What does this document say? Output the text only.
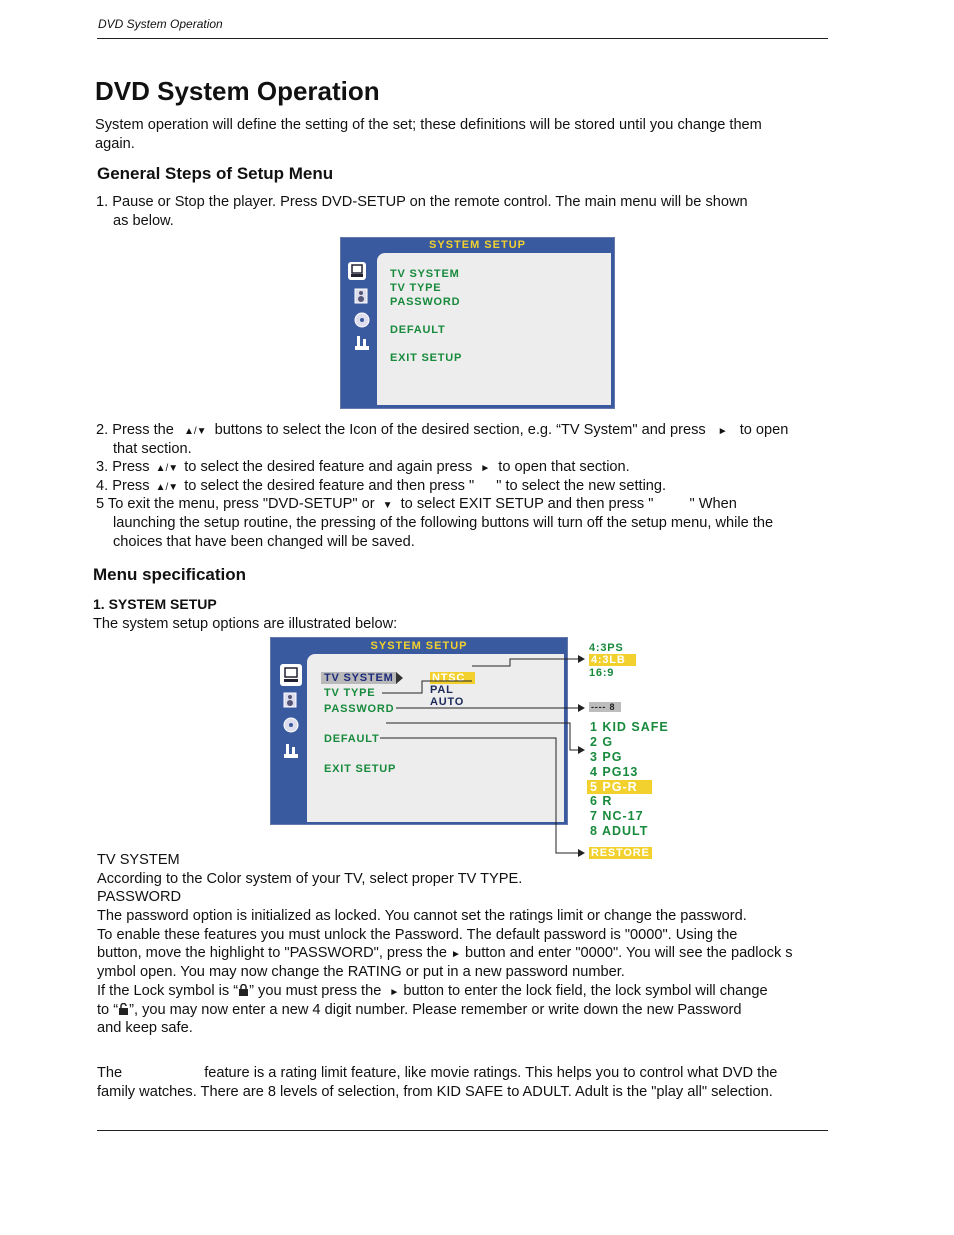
DVD System Operation
DVD System Operation
System operation will define the setting of the set; these definitions will be stored until you change them
again.
General Steps of Setup Menu
1. Pause or Stop the player. Press DVD-SETUP on the remote control. The main menu will be shown
as below.
SYSTEM SETUP
TV SYSTEM
TV TYPE
PASSWORD
DEFAULT
EXIT SETUP
2. Press the ▲/▼ buttons to select the Icon of the desired section, e.g. “TV System" and press ► to open
that section.
3. Press ▲/▼ to select the desired feature and again press ► to open that section.
4. Press ▲/▼ to select the desired feature and then press " " to select the new setting.
5 To exit the menu, press "DVD-SETUP" or ▼ to select EXIT SETUP and then press " " When
launching the setup routine, the pressing of the following buttons will turn off the setup menu, while the
choices that have been changed will be saved.
Menu specification
1. SYSTEM SETUP
The system setup options are illustrated below:
SYSTEM SETUP
TV SYSTEM	NTSC
TV TYPE	PAL
AUTO
PASSWORD
DEFAULT
EXIT SETUP
4:3PS
4:3LB
16:9
---- 8
1 KID SAFE
2 G
3 PG
4 PG13
5 PG-R
6 R
7 NC-17
8 ADULT
RESTORE
TV SYSTEM
According to the Color system of your TV, select proper TV TYPE.
PASSWORD
The password option is initialized as locked. You cannot set the ratings limit or change the password.
To enable these features you must unlock the Password. The default password is "0000". Using the
button, move the highlight to "PASSWORD", press the ► button and enter "0000". You will see the padlock s
ymbol open. You may now change the RATING or put in a new password number.
If the Lock symbol is “ ” you must press the ► button to enter the lock field, the lock symbol will change
to “ ”, you may now enter a new 4 digit number. Please remember or write down the new Password
and keep safe.
The	feature is a rating limit feature, like movie ratings. This helps you to control what DVD the
family watches. There are 8 levels of selection, from KID SAFE to ADULT. Adult is the "play all" selection.
